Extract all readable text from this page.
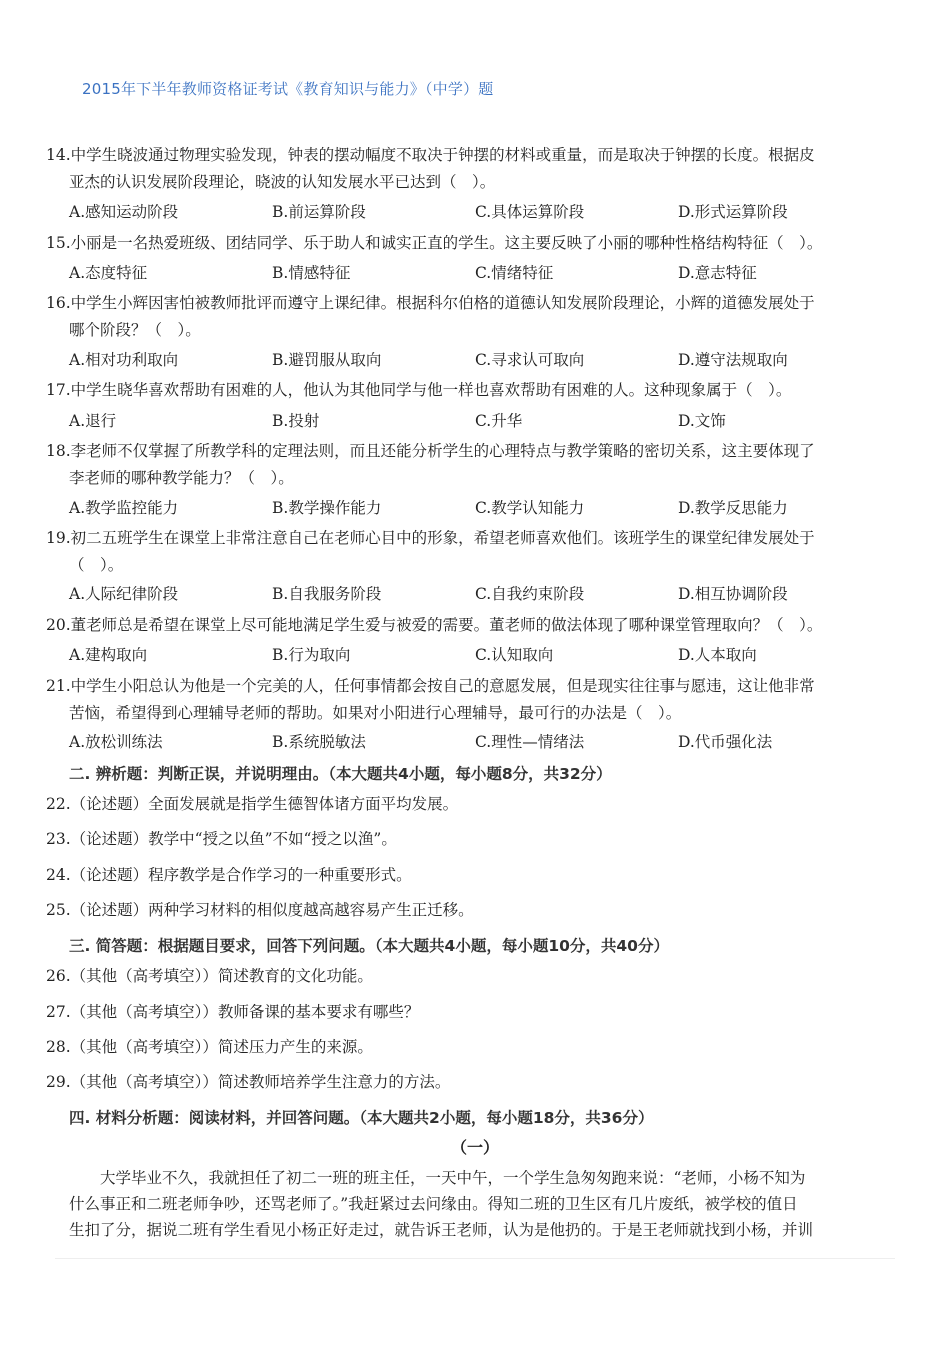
2015年下半年教师资格证考试《教育知识与能力》（中学）题
14.中学生晓波通过物理实验发现，钟表的摆动幅度不取决于钟摆的材料或重量，而是取决于钟摆的长度。根据皮
亚杰的认识发展阶段理论，晓波的认知发展水平已达到（　）。
A.感知运动阶段	B.前运算阶段	C.具体运算阶段	D.形式运算阶段
15.小丽是一名热爱班级、团结同学、乐于助人和诚实正直的学生。这主要反映了小丽的哪种性格结构特征（　）。
A.态度特征	B.情感特征	C.情绪特征	D.意志特征
16.中学生小辉因害怕被教师批评而遵守上课纪律。根据科尔伯格的道德认知发展阶段理论，小辉的道德发展处于
哪个阶段？（　）。
A.相对功利取向	B.避罚服从取向	C.寻求认可取向	D.遵守法规取向
17.中学生晓华喜欢帮助有困难的人，他认为其他同学与他一样也喜欢帮助有困难的人。这种现象属于（　）。
A.退行	B.投射	C.升华	D.文饰
18.李老师不仅掌握了所教学科的定理法则，而且还能分析学生的心理特点与教学策略的密切关系，这主要体现了
李老师的哪种教学能力？（　）。
A.教学监控能力	B.教学操作能力	C.教学认知能力	D.教学反思能力
19.初二五班学生在课堂上非常注意自己在老师心目中的形象，希望老师喜欢他们。该班学生的课堂纪律发展处于
（　）。
A.人际纪律阶段	B.自我服务阶段	C.自我约束阶段	D.相互协调阶段
20.董老师总是希望在课堂上尽可能地满足学生爱与被爱的需要。董老师的做法体现了哪种课堂管理取向？（　）。
A.建构取向	B.行为取向	C.认知取向	D.人本取向
21.中学生小阳总认为他是一个完美的人，任何事情都会按自己的意愿发展，但是现实往往事与愿违，这让他非常
苦恼，希望得到心理辅导老师的帮助。如果对小阳进行心理辅导，最可行的办法是（　）。
A.放松训练法	B.系统脱敏法	C.理性—情绪法	D.代币强化法
二. 辨析题：判断正误，并说明理由。（本大题共4小题，每小题8分，共32分）
22.（论述题）全面发展就是指学生德智体诸方面平均发展。
23.（论述题）教学中“授之以鱼”不如“授之以渔”。
24.（论述题）程序教学是合作学习的一种重要形式。
25.（论述题）两种学习材料的相似度越高越容易产生正迁移。
三. 简答题：根据题目要求，回答下列问题。（本大题共4小题，每小题10分，共40分）
26.（其他（高考填空））简述教育的文化功能。
27.（其他（高考填空））教师备课的基本要求有哪些？
28.（其他（高考填空））简述压力产生的来源。
29.（其他（高考填空））简述教师培养学生注意力的方法。
四. 材料分析题：阅读材料，并回答问题。（本大题共2小题，每小题18分，共36分）
（一）
　　大学毕业不久，我就担任了初二一班的班主任，一天中午，一个学生急匆匆跑来说：“老师，小杨不知为
什么事正和二班老师争吵，还骂老师了。”我赶紧过去问缘由。得知二班的卫生区有几片废纸，被学校的值日
生扣了分，据说二班有学生看见小杨正好走过，就告诉王老师，认为是他扔的。于是王老师就找到小杨，并训
